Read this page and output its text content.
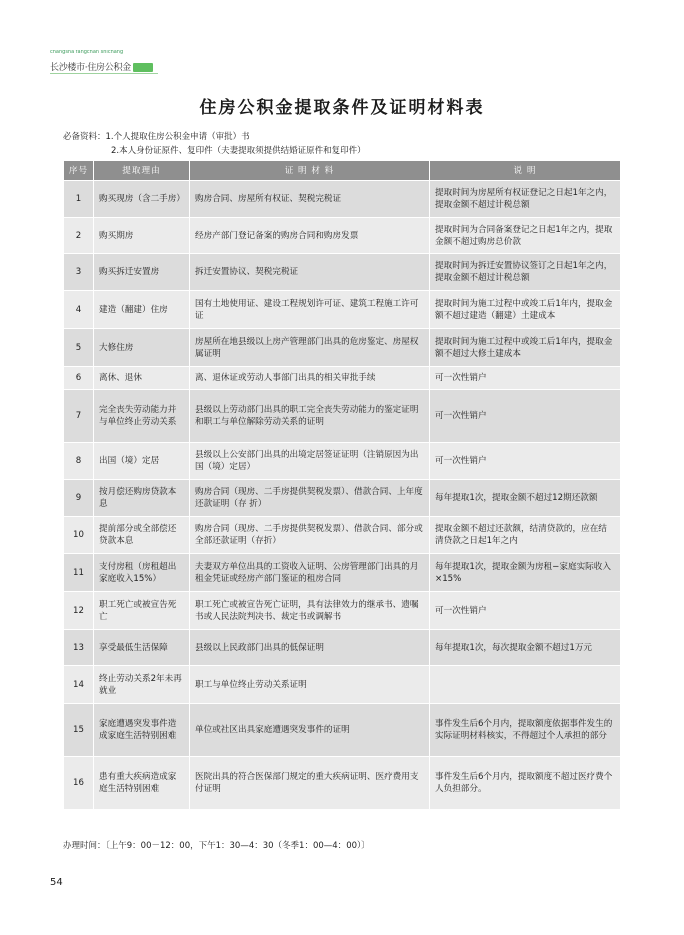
changsha fangchan shichang
长沙楼市·住房公积金
住房公积金提取条件及证明材料表
必备资料：1.个人提取住房公积金申请（审批）书
2.本人身份证原件、复印件（夫妻提取须提供结婚证原件和复印件）
序号	提取理由	证 明 材 料	说 明
1	购买现房（含二手房）	购房合同、房屋所有权证、契税完税证	提取时间为房屋所有权证登记之日起1年之内，提取金额不超过计税总额
2	购买期房	经房产部门登记备案的购房合同和购房发票	提取时间为合同备案登记之日起1年之内，提取金额不超过购房总价款
3	购买拆迁安置房	拆迁安置协议、契税完税证	提取时间为拆迁安置协议签订之日起1年之内，提取金额不超过计税总额
4	建造（翻建）住房	国有土地使用证、建设工程规划许可证、建筑工程施工许可证	提取时间为施工过程中或竣工后1年内，提取金额不超过建造（翻建）土建成本
5	大修住房	房屋所在地县级以上房产管理部门出具的危房鉴定、房屋权属证明	提取时间为施工过程中或竣工后1年内，提取金额不超过大修土建成本
6	离休、退休	离、退休证或劳动人事部门出具的相关审批手续	可一次性销户
7	完全丧失劳动能力并与单位终止劳动关系	县级以上劳动部门出具的职工完全丧失劳动能力的鉴定证明和职工与单位解除劳动关系的证明	可一次性销户
8	出国（境）定居	县级以上公安部门出具的出境定居签证证明（注销原因为出国（境）定居）	可一次性销户
9	按月偿还购房贷款本息	购房合同（现房、二手房提供契税发票）、借款合同、上年度还款证明（存 折）	每年提取1次，提取金额不超过12期还款额
10	提前部分或全部偿还贷款本息	购房合同（现房、二手房提供契税发票）、借款合同、部分或全部还款证明（存折）	提取金额不超过还款额，结清贷款的，应在结清贷款之日起1年之内
11	支付房租（房租超出家庭收入15%）	夫妻双方单位出具的工资收入证明、公房管理部门出具的月租金凭证或经房产部门鉴证的租房合同	每年提取1次，提取金额为房租−家庭实际收入×15%
12	职工死亡或被宣告死亡	职工死亡或被宣告死亡证明，具有法律效力的继承书、遗嘱书或人民法院判决书、裁定书或调解书	可一次性销户
13	享受最低生活保障	县级以上民政部门出具的低保证明	每年提取1次，每次提取金额不超过1万元
14	终止劳动关系2年未再就业	职工与单位终止劳动关系证明	
15	家庭遭遇突发事件造成家庭生活特别困难	单位或社区出具家庭遭遇突发事件的证明	事件发生后6个月内，提取额度依据事件发生的实际证明材料核实，不得超过个人承担的部分
16	患有重大疾病造成家庭生活特别困难	医院出具的符合医保部门规定的重大疾病证明、医疗费用支付证明	事件发生后6个月内，提取额度不超过医疗费个人负担部分。
办理时间：〔上午9：00－12：00，下午1：30—4：30（冬季1：00—4：00）〕
54
